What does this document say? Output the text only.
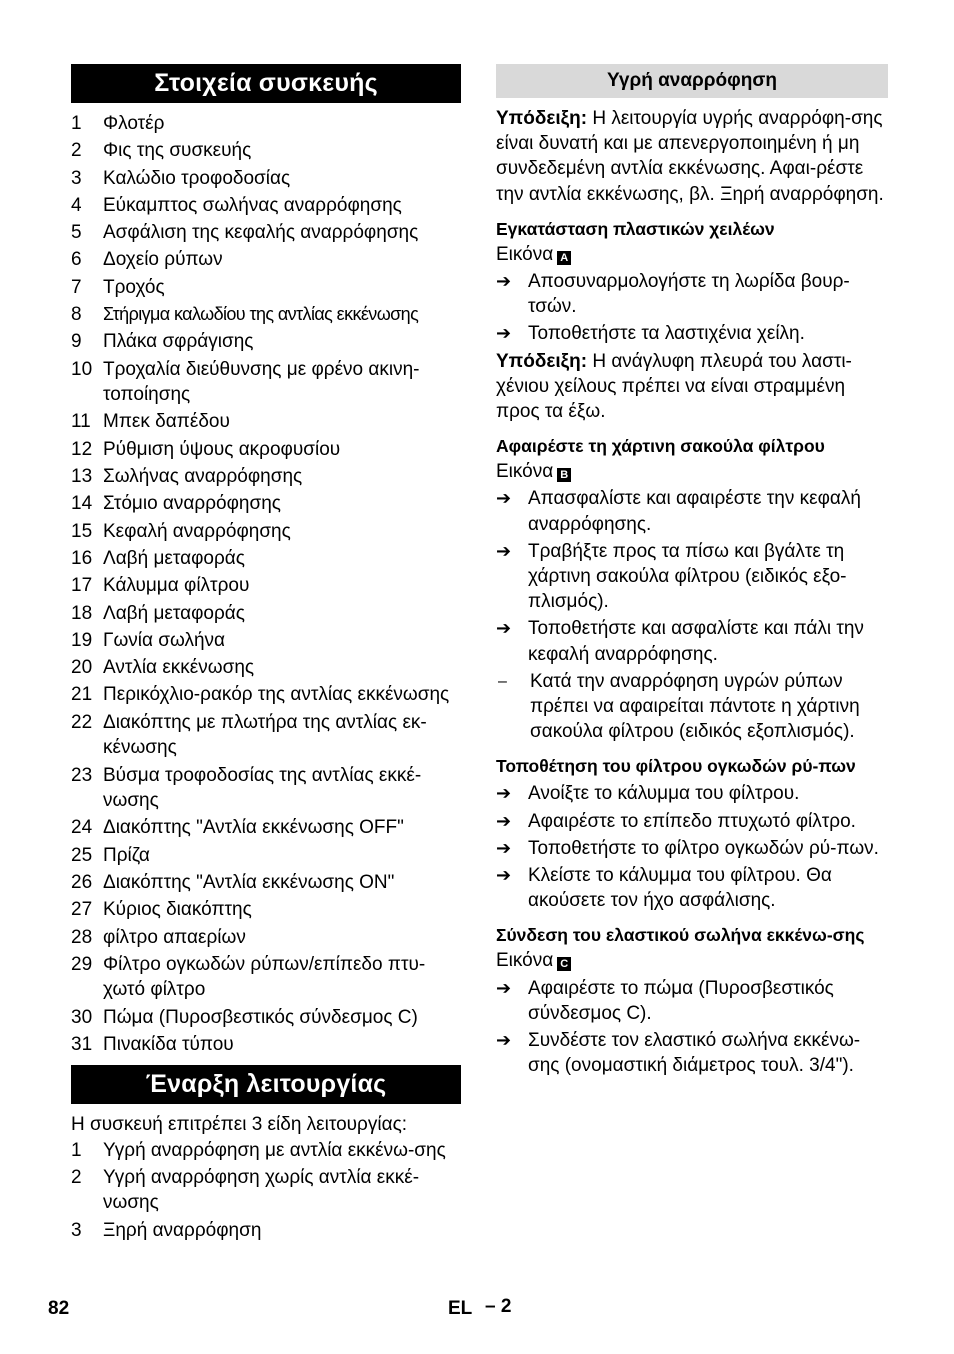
Στοιχεία συσκευής
1	Φλοτέρ
2	Φις της συσκευής
3	Καλώδιο τροφοδοσίας
4	Εύκαμπτος σωλήνας αναρρόφησης
5	Ασφάλιση της κεφαλής αναρρόφησης
6	Δοχείο ρύπων
7	Τροχός
8	Στήριγμα καλωδίου της αντλίας εκκένωσης
9	Πλάκα σφράγισης
10 Τροχαλία διεύθυνσης με φρένο ακινη-τοποίησης
11 Μπεκ δαπέδου
12 Ρύθμιση ύψους ακροφυσίου
13 Σωλήνας αναρρόφησης
14 Στόμιο αναρρόφησης
15 Κεφαλή αναρρόφησης
16 Λαβή μεταφοράς
17 Κάλυμμα φίλτρου
18 Λαβή μεταφοράς
19 Γωνία σωλήνα
20 Αντλία εκκένωσης
21 Περικόχλιο-ρακόρ της αντλίας εκκένωσης
22 Διακόπτης με πλωτήρα της αντλίας εκ-κένωσης
23 Βύσμα τροφοδοσίας της αντλίας εκκέ-νωσης
24 Διακόπτης "Αντλία εκκένωσης OFF"
25 Πρίζα
26 Διακόπτης "Αντλία εκκένωσης ON"
27 Κύριος διακόπτης
28 φίλτρο απαερίων
29 Φίλτρο ογκωδών ρύπων/επίπεδο πτυ-χωτό φίλτρο
30 Πώμα (Πυροσβεστικός σύνδεσμος C)
31 Πινακίδα τύπου
Έναρξη λειτουργίας

Η συσκευή επιτρέπει 3 είδη λειτουργίας:

1	Υγρή αναρρόφηση με αντλία εκκένω-σης
2	Υγρή αναρρόφηση χωρίς αντλία εκκέ-νωσης
3	Ξηρή αναρρόφηση
Υγρή αναρρόφηση

Υπόδειξη: Η λειτουργία υγρής αναρρόφη-σης είναι δυνατή και με απενεργοποιημένη ή μη συνδεδεμένη αντλία εκκένωσης. Αφαι-ρέστε την αντλία εκκένωσης, βλ. Ξηρή αναρρόφηση.

Εγκατάσταση πλαστικών χειλέων

Εικόνα A

➔ Αποσυναρμολογήστε τη λωρίδα βουρ-τσών.
➔ Τοποθετήστε τα λαστιχένια χείλη.

Υπόδειξη: Η ανάγλυφη πλευρά του λαστι-χένιου χείλους πρέπει να είναι στραμμένη προς τα έξω.

Αφαιρέστε τη χάρτινη σακούλα φίλτρου

Εικόνα B

➔ Απασφαλίστε και αφαιρέστε την κεφαλή αναρρόφησης.
➔ Τραβήξτε προς τα πίσω και βγάλτε τη χάρτινη σακούλα φίλτρου (ειδικός εξο-πλισμός).
➔ Τοποθετήστε και ασφαλίστε και πάλι την κεφαλή αναρρόφησης.
–	Κατά την αναρρόφηση υγρών ρύπων πρέπει να αφαιρείται πάντοτε η χάρτινη σακούλα φίλτρου (ειδικός εξοπλισμός).

Τοποθέτηση του φίλτρου ογκωδών ρύ-πων

➔ Ανοίξτε το κάλυμμα του φίλτρου.
➔ Αφαιρέστε το επίπεδο πτυχωτό φίλτρο.
➔ Τοποθετήστε το φίλτρο ογκωδών ρύ-πων.
➔ Κλείστε το κάλυμμα του φίλτρου. Θα ακούσετε τον ήχο ασφάλισης.

Σύνδεση του ελαστικού σωλήνα εκκένω-σης

Εικόνα C

➔ Αφαιρέστε το πώμα (Πυροσβεστικός σύνδεσμος C).
➔ Συνδέστε τον ελαστικό σωλήνα εκκένω-σης (ονομαστική διάμετρος τουλ. 3/4").
82	EL – 2
